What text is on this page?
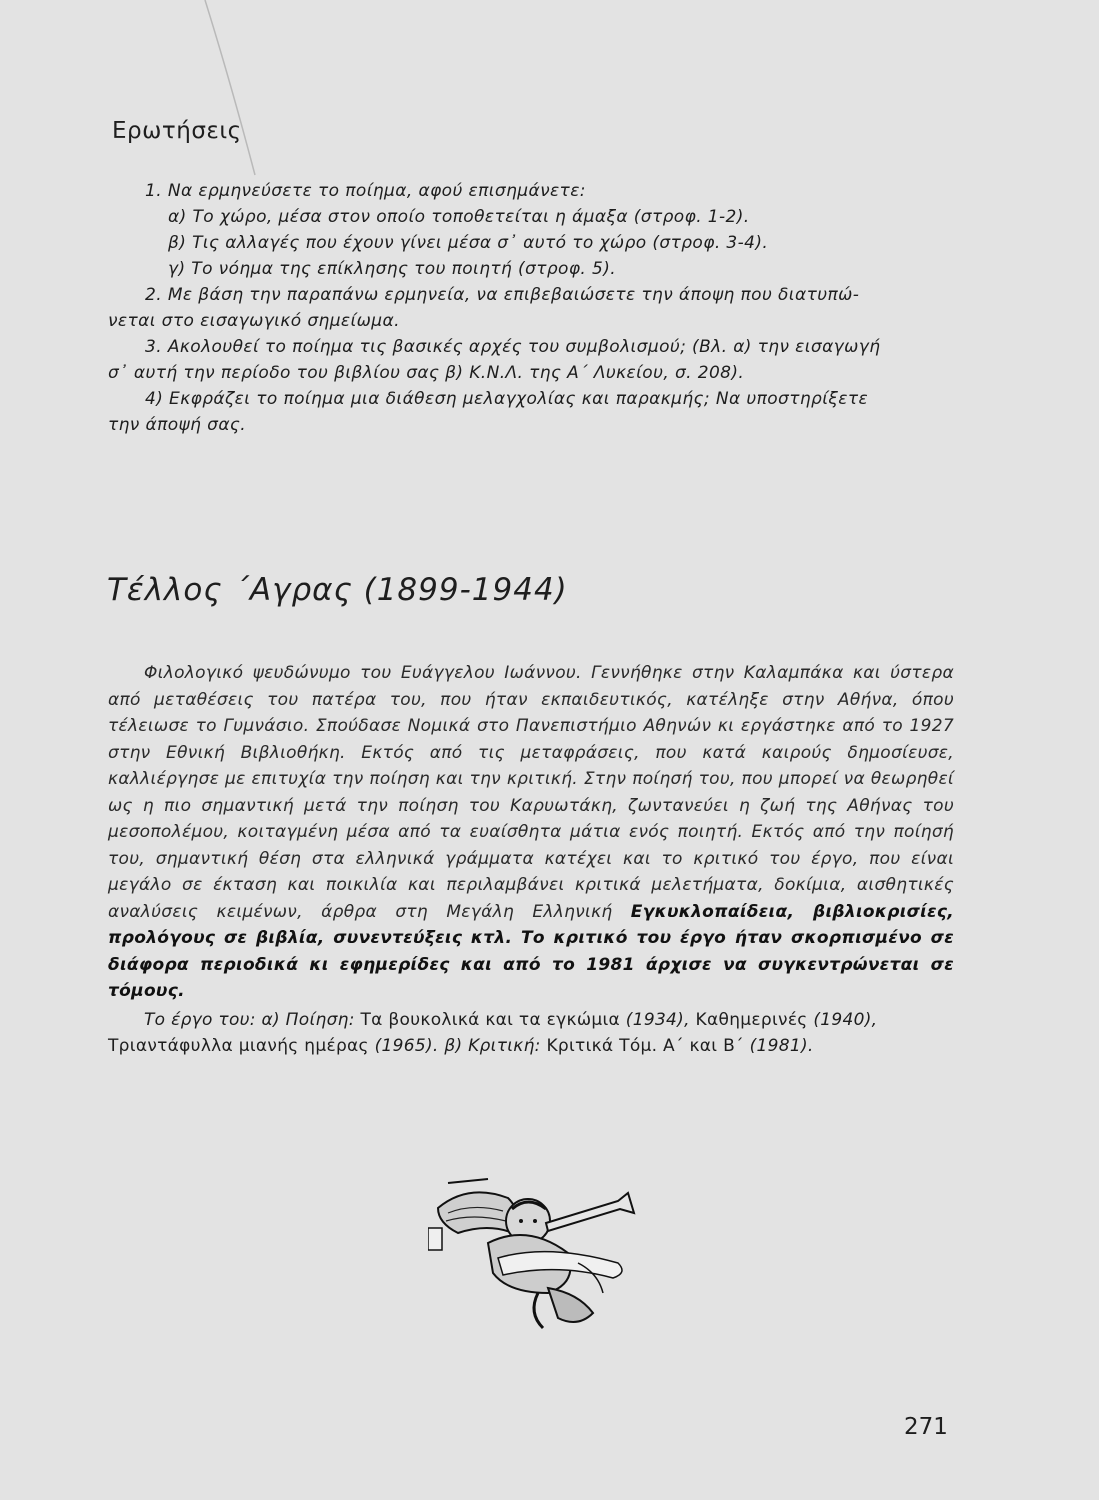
Ερωτήσεις

1. Να ερμηνεύσετε το ποίημα, αφού επισημάνετε:

α) Το χώρο, μέσα στον οποίο τοποθετείται η άμαξα (στροφ. 1-2).

β) Τις αλλαγές που έχουν γίνει μέσα σ᾽ αυτό το χώρο (στροφ. 3-4).

γ) Το νόημα της επίκλησης του ποιητή (στροφ. 5).

2. Με βάση την παραπάνω ερμηνεία, να επιβεβαιώσετε την άποψη που διατυπώ-

νεται στο εισαγωγικό σημείωμα.

3. Ακολουθεί το ποίημα τις βασικές αρχές του συμβολισμού; (Βλ. α) την εισαγωγή

σ᾽ αυτή την περίοδο του βιβλίου σας β) Κ.Ν.Λ. της Α΄ Λυκείου, σ. 208).

4) Εκφράζει το ποίημα μια διάθεση μελαγχολίας και παρακμής; Να υποστηρίξετε

την άποψή σας.

Τέλλος ΄Αγρας (1899-1944)

Φιλολογικό ψευδώνυμο του Ευάγγελου Ιωάννου. Γεννήθηκε στην Καλαμπάκα και ύστερα από μεταθέσεις του πατέρα του, που ήταν εκπαιδευτικός, κατέληξε στην Αθήνα, όπου τέλειωσε το Γυμνάσιο. Σπούδασε Νομικά στο Πανεπιστήμιο Αθηνών κι εργάστηκε από το 1927 στην Εθνική Βιβλιοθήκη. Εκτός από τις μεταφράσεις, που κατά καιρούς δημοσίευσε, καλλιέργησε με επιτυχία την ποίηση και την κριτική. Στην ποίησή του, που μπορεί να θεωρηθεί ως η πιο σημαντική μετά την ποίηση του Καρυωτάκη, ζωντανεύει η ζωή της Αθήνας του μεσοπολέμου, κοιταγμένη μέσα από τα ευαίσθητα μάτια ενός ποιητή. Εκτός από την ποίησή του, σημαντική θέση στα ελληνικά γράμματα κατέχει και το κριτικό του έργο, που είναι μεγάλο σε έκταση και ποικιλία και περιλαμβάνει κριτικά μελετήματα, δοκίμια, αισθητικές αναλύσεις κειμένων, άρθρα στη Μεγάλη Ελληνική Εγκυκλοπαίδεια, βιβλιοκρισίες, προλόγους σε βιβλία, συνεντεύξεις κτλ. Το κριτικό του έργο ήταν σκορπισμένο σε διάφορα περιοδικά κι εφημερίδες και από το 1981 άρχισε να συγκεντρώνεται σε τόμους.

Το έργο του: α) Ποίηση: Τα βουκολικά και τα εγκώμια (1934), Καθημερινές (1940),

Τριαντάφυλλα μιανής ημέρας (1965). β) Κριτική: Κριτικά Τόμ. Α΄ και Β΄ (1981).

271
